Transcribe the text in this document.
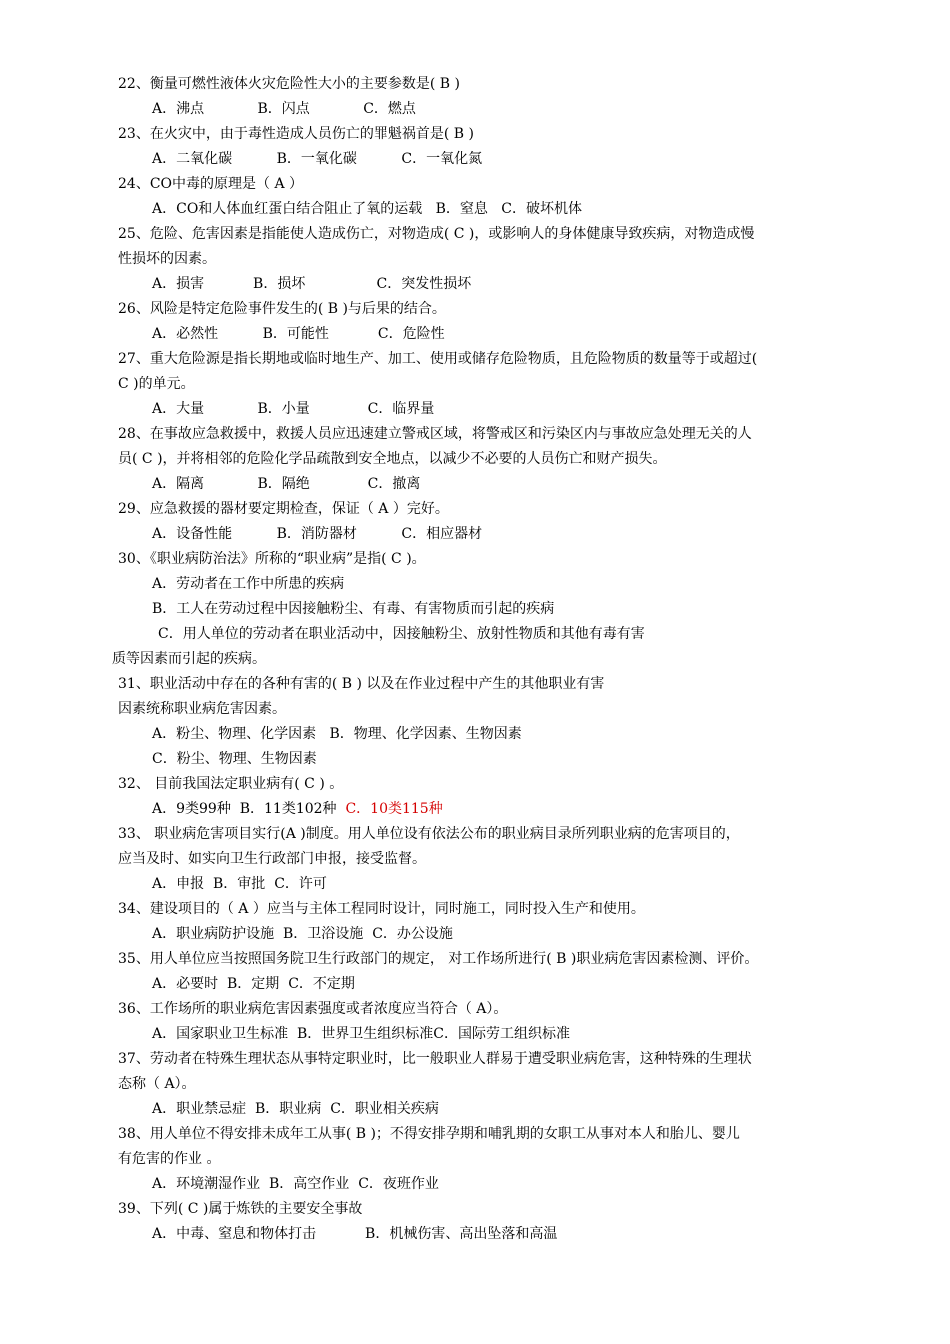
22、衡量可燃性液体火灾危险性大小的主要参数是( B )
A．沸点            B．闪点            C．燃点
23、在火灾中，由于毒性造成人员伤亡的罪魁祸首是( B )
A．二氧化碳          B．一氧化碳          C．一氧化氮
24、CO中毒的原理是（ A ）
A．CO和人体血红蛋白结合阻止了氧的运载   B．窒息   C．破坏机体
25、危险、危害因素是指能使人造成伤亡，对物造成( C )，或影响人的身体健康导致疾病，对物造成慢
性损坏的因素。
A．损害           B．损坏                C．突发性损坏
26、风险是特定危险事件发生的( B )与后果的结合。
A．必然性          B．可能性           C．危险性
27、重大危险源是指长期地或临时地生产、加工、使用或储存危险物质，且危险物质的数量等于或超过(
C )的单元。
A．大量            B．小量             C．临界量
28、在事故应急救援中，救援人员应迅速建立警戒区域，将警戒区和污染区内与事故应急处理无关的人
员( C )，并将相邻的危险化学品疏散到安全地点，以减少不必要的人员伤亡和财产损失。
A．隔离            B．隔绝             C．撤离
29、应急救援的器材要定期检查，保证（ A ）完好。
A．设备性能          B．消防器材          C．相应器材
30、《职业病防治法》所称的“职业病”是指( C )。
A．劳动者在工作中所患的疾病
B．工人在劳动过程中因接触粉尘、有毒、有害物质而引起的疾病
C．用人单位的劳动者在职业活动中，因接触粉尘、放射性物质和其他有毒有害
质等因素而引起的疾病。
31、职业活动中存在的各种有害的( B ) 以及在作业过程中产生的其他职业有害
因素统称职业病危害因素。
A．粉尘、物理、化学因素   B．物理、化学因素、生物因素
C．粉尘、物理、生物因素
32、 目前我国法定职业病有( C ) 。
A．9类99种  B．11类102种  C．10类115种
33、 职业病危害项目实行(A )制度。用人单位设有依法公布的职业病目录所列职业病的危害项目的，
应当及时、如实向卫生行政部门申报，接受监督。
A．申报  B．审批  C．许可
34、建设项目的（ A ）应当与主体工程同时设计，同时施工，同时投入生产和使用。
A．职业病防护设施  B．卫浴设施  C．办公设施
35、用人单位应当按照国务院卫生行政部门的规定， 对工作场所进行( B )职业病危害因素检测、评价。
A．必要时  B．定期  C．不定期
36、工作场所的职业病危害因素强度或者浓度应当符合（ A）。
A．国家职业卫生标准  B．世界卫生组织标准C．国际劳工组织标准
37、劳动者在特殊生理状态从事特定职业时，比一般职业人群易于遭受职业病危害，这种特殊的生理状
态称（ A）。
A．职业禁忌症  B．职业病  C．职业相关疾病
38、用人单位不得安排未成年工从事( B )；不得安排孕期和哺乳期的女职工从事对本人和胎儿、婴儿
有危害的作业 。
A．环境潮湿作业  B．高空作业  C．夜班作业
39、下列( C )属于炼铁的主要安全事故
A．中毒、窒息和物体打击           B．机械伤害、高出坠落和高温
